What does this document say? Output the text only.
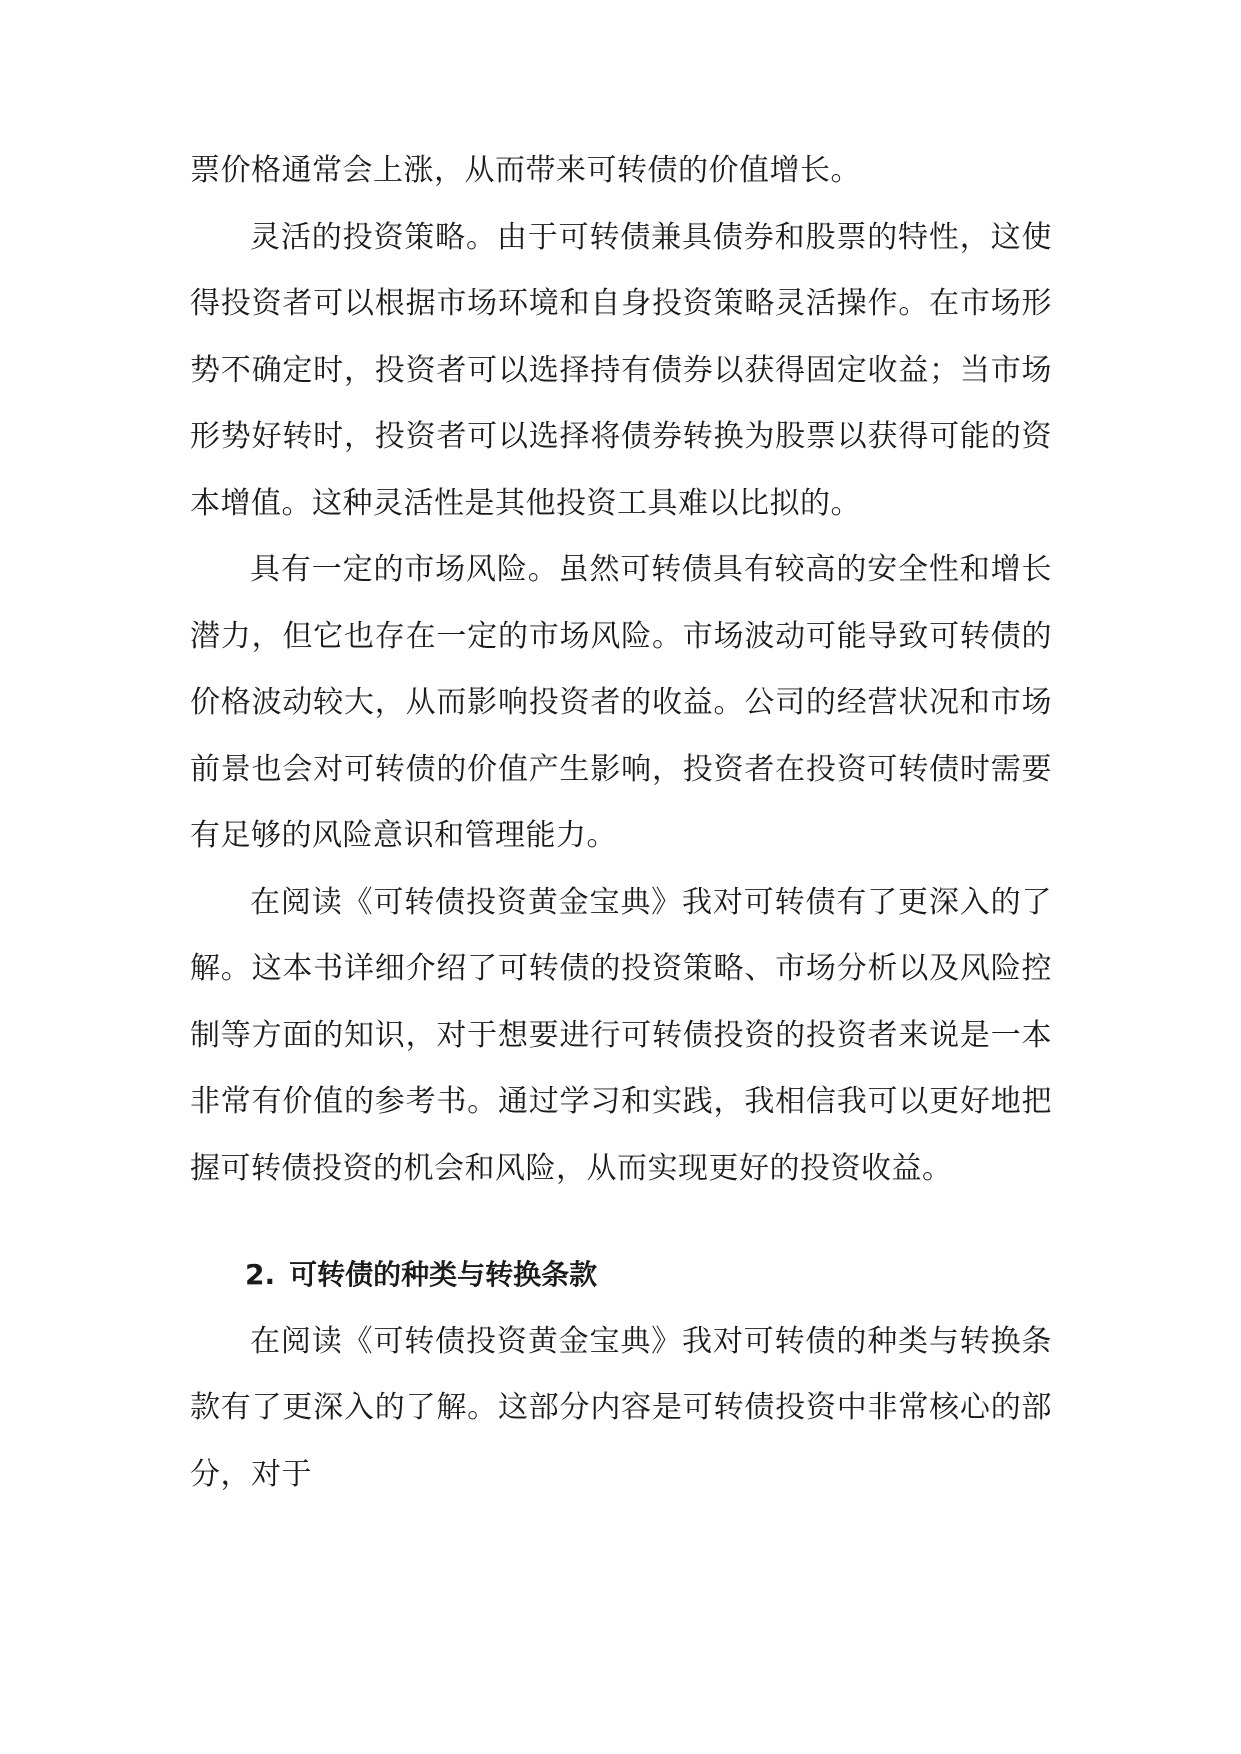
票价格通常会上涨，从而带来可转债的价值增长。

灵活的投资策略。由于可转债兼具债券和股票的特性，这使得投资者可以根据市场环境和自身投资策略灵活操作。在市场形势不确定时，投资者可以选择持有债券以获得固定收益；当市场形势好转时，投资者可以选择将债券转换为股票以获得可能的资本增值。这种灵活性是其他投资工具难以比拟的。

具有一定的市场风险。虽然可转债具有较高的安全性和增长潜力，但它也存在一定的市场风险。市场波动可能导致可转债的价格波动较大，从而影响投资者的收益。公司的经营状况和市场前景也会对可转债的价值产生影响，投资者在投资可转债时需要有足够的风险意识和管理能力。

在阅读《可转债投资黄金宝典》我对可转债有了更深入的了解。这本书详细介绍了可转债的投资策略、市场分析以及风险控制等方面的知识，对于想要进行可转债投资的投资者来说是一本非常有价值的参考书。通过学习和实践，我相信我可以更好地把握可转债投资的机会和风险，从而实现更好的投资收益。

2. 可转债的种类与转换条款

在阅读《可转债投资黄金宝典》我对可转债的种类与转换条款有了更深入的了解。这部分内容是可转债投资中非常核心的部分，对于
